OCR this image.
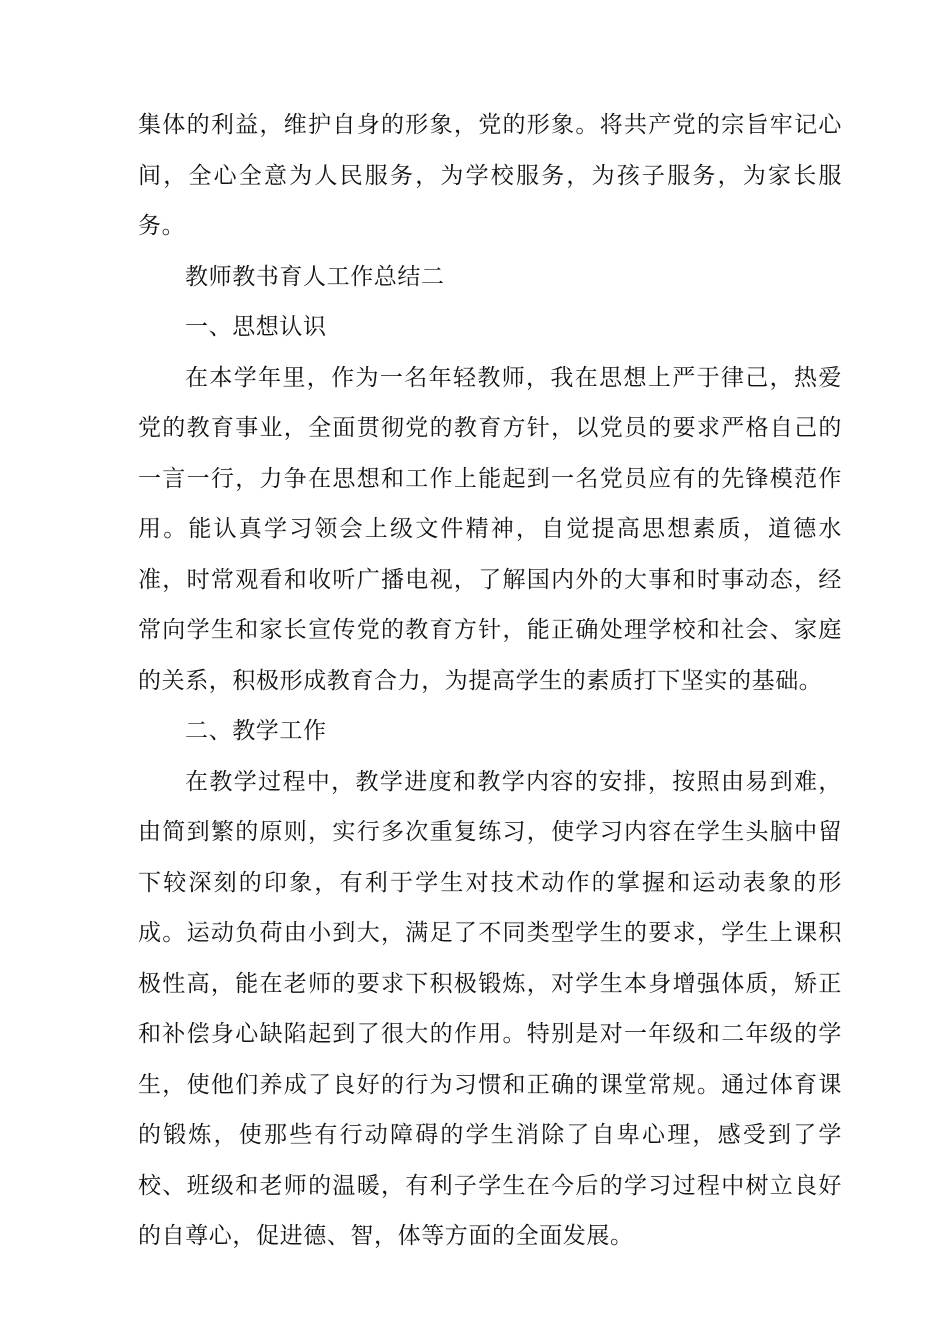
集体的利益，维护自身的形象，党的形象。将共产党的宗旨牢记心间，全心全意为人民服务，为学校服务，为孩子服务，为家长服务。

教师教书育人工作总结二

一、思想认识

在本学年里，作为一名年轻教师，我在思想上严于律己，热爱党的教育事业，全面贯彻党的教育方针，以党员的要求严格自己的一言一行，力争在思想和工作上能起到一名党员应有的先锋模范作用。能认真学习领会上级文件精神，自觉提高思想素质，道德水准，时常观看和收听广播电视，了解国内外的大事和时事动态，经常向学生和家长宣传党的教育方针，能正确处理学校和社会、家庭的关系，积极形成教育合力，为提高学生的素质打下坚实的基础。

二、教学工作

在教学过程中，教学进度和教学内容的安排，按照由易到难，由简到繁的原则，实行多次重复练习，使学习内容在学生头脑中留下较深刻的印象，有利于学生对技术动作的掌握和运动表象的形成。运动负荷由小到大，满足了不同类型学生的要求，学生上课积极性高，能在老师的要求下积极锻炼，对学生本身增强体质，矫正和补偿身心缺陷起到了很大的作用。特别是对一年级和二年级的学生，使他们养成了良好的行为习惯和正确的课堂常规。通过体育课的锻炼，使那些有行动障碍的学生消除了自卑心理，感受到了学校、班级和老师的温暖，有利子学生在今后的学习过程中树立良好的自尊心，促进德、智，体等方面的全面发展。
